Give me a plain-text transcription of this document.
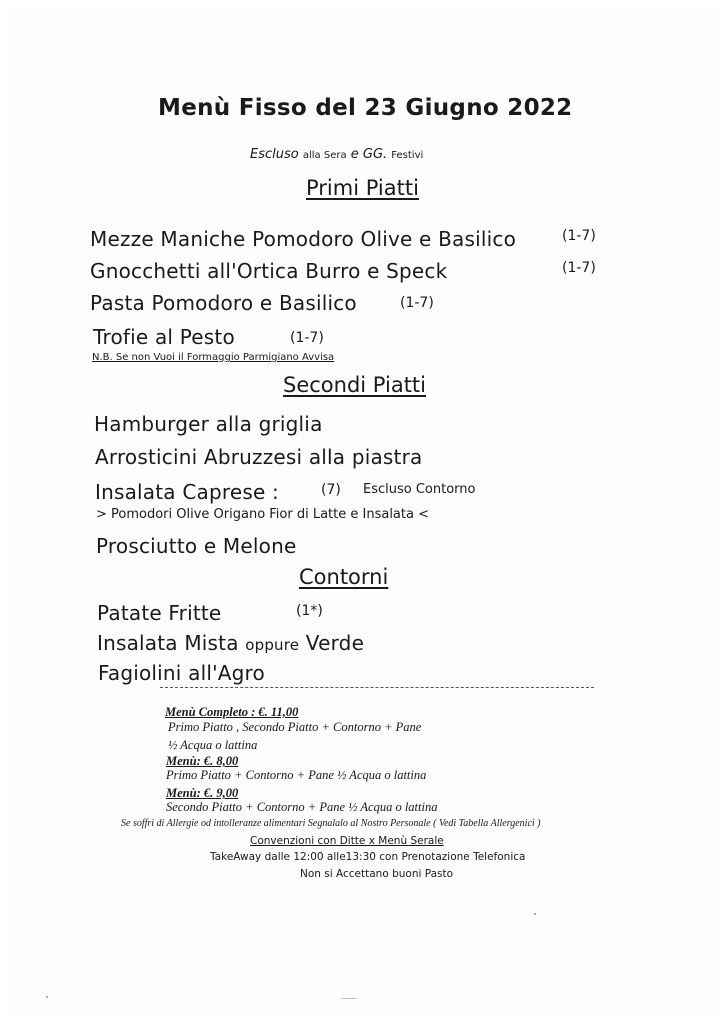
Menù Fisso del 23 Giugno 2022
Escluso alla Sera e GG. Festivi
Primi Piatti
Mezze Maniche Pomodoro Olive e Basilico	(1-7)
Gnocchetti all'Ortica Burro e Speck	(1-7)
Pasta Pomodoro e Basilico	(1-7)
Trofie al Pesto	(1-7)
N.B. Se non Vuoi il Formaggio Parmigiano Avvisa
Secondi Piatti
Hamburger alla griglia
Arrosticini Abruzzesi alla piastra
Insalata Caprese :	(7) Escluso Contorno
> Pomodori Olive Origano Fior di Latte e Insalata <
Prosciutto e Melone
Contorni
Patate Fritte	(1*)
Insalata Mista oppure Verde
Fagiolini all'Agro
Menù Completo : €. 11,00
Primo Piatto , Secondo Piatto + Contorno + Pane
½ Acqua o lattina
Menù: €. 8,00
Primo Piatto + Contorno + Pane ½ Acqua o lattina
Menù: €. 9,00
Secondo Piatto + Contorno + Pane ½ Acqua o lattina
Se soffri di Allergie od intolleranze alimentari Segnalalo al Nostro Personale ( Vedi Tabella Allergenici )
Convenzioni con Ditte x Menù Serale
TakeAway dalle 12:00 alle13:30 con Prenotazione Telefonica
Non si Accettano buoni Pasto
